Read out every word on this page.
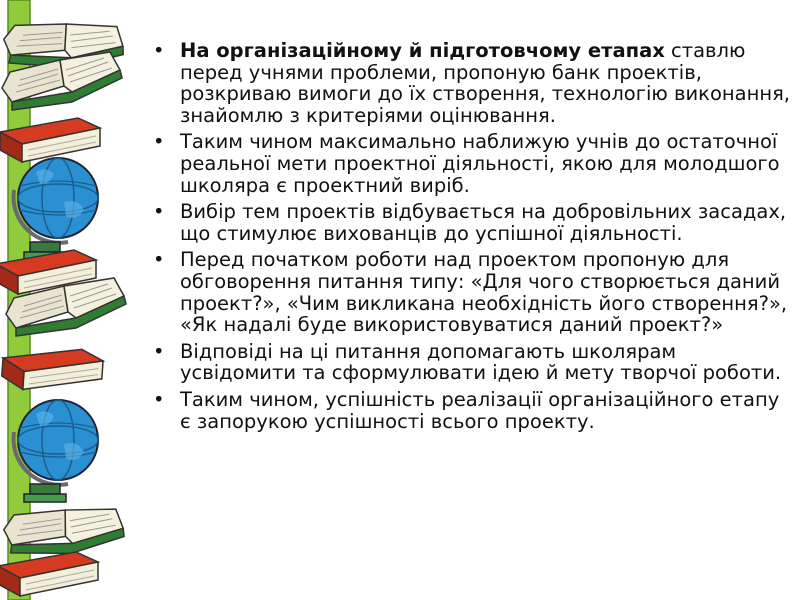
• На організаційному й підготовчому етапах ставлю перед учнями проблеми, пропоную банк проектів, розкриваю вимоги до їх створення, технологію виконання, знайомлю з критеріями оцінювання.
• Таким чином максимально наближую учнів до остаточної реальної мети проектної діяльності, якою для молодшого школяра є проектний виріб.
• Вибір тем проектів відбувається на добровільних засадах, що стимулює вихованців до успішної діяльності.
• Перед початком роботи над проектом пропоную для обговорення питання типу: «Для чого створюється даний проект?», «Чим викликана необхідність його створення?», «Як надалі буде використовуватися даний проект?»
• Відповіді на ці питання допомагають школярам усвідомити та сформулювати ідею й мету творчої роботи.
• Таким чином, успішність реалізації організаційного етапу є запорукою успішності всього проекту.
